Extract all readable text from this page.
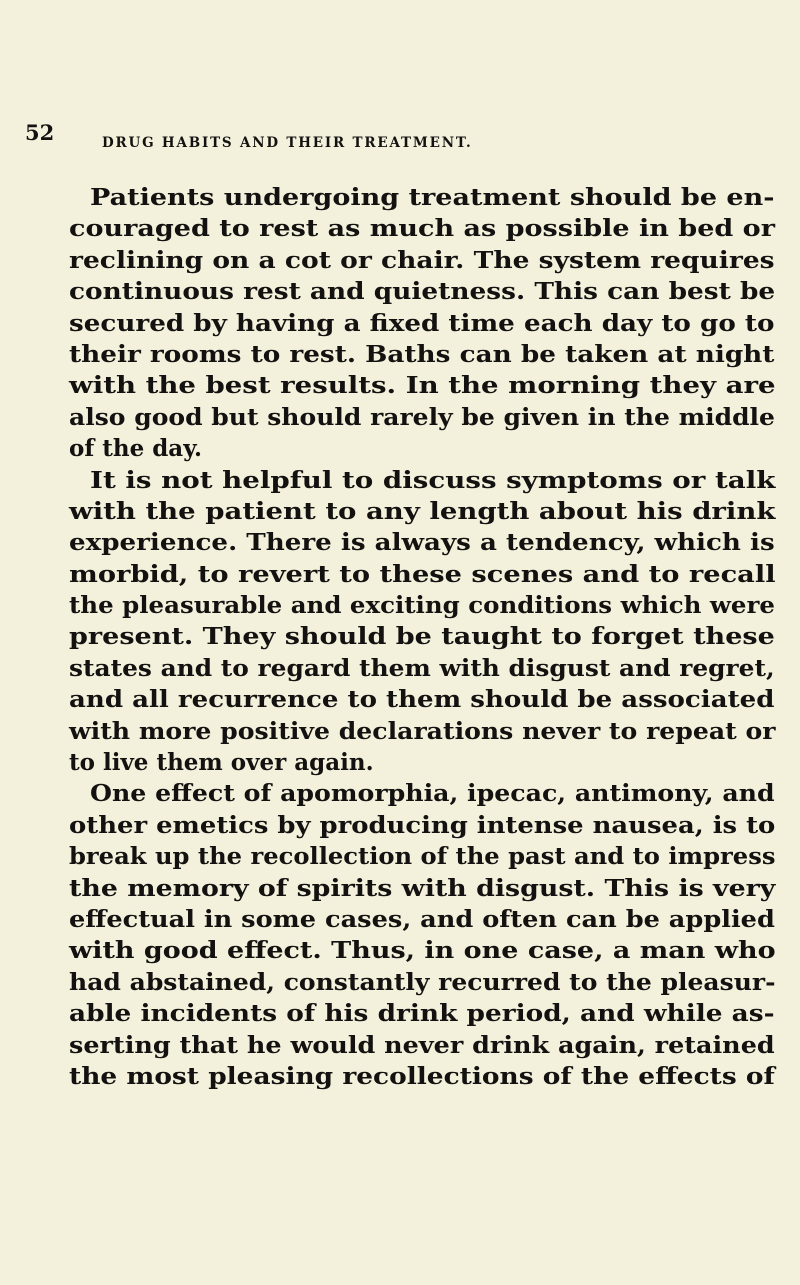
52	DRUG HABITS AND THEIR TREATMENT.
Patients undergoing treatment should be en-
couraged to rest as much as possible in bed or
reclining on a cot or chair. The system requires
continuous rest and quietness. This can best be
secured by having a fixed time each day to go to
their rooms to rest. Baths can be taken at night
with the best results. In the morning they are
also good but should rarely be given in the middle
of the day.
It is not helpful to discuss symptoms or talk
with the patient to any length about his drink
experience. There is always a tendency, which is
morbid, to revert to these scenes and to recall
the pleasurable and exciting conditions which were
present. They should be taught to forget these
states and to regard them with disgust and regret,
and all recurrence to them should be associated
with more positive declarations never to repeat or
to live them over again.
One effect of apomorphia, ipecac, antimony, and
other emetics by producing intense nausea, is to
break up the recollection of the past and to impress
the memory of spirits with disgust. This is very
effectual in some cases, and often can be applied
with good effect. Thus, in one case, a man who
had abstained, constantly recurred to the pleasur-
able incidents of his drink period, and while as-
serting that he would never drink again, retained
the most pleasing recollections of the effects of
